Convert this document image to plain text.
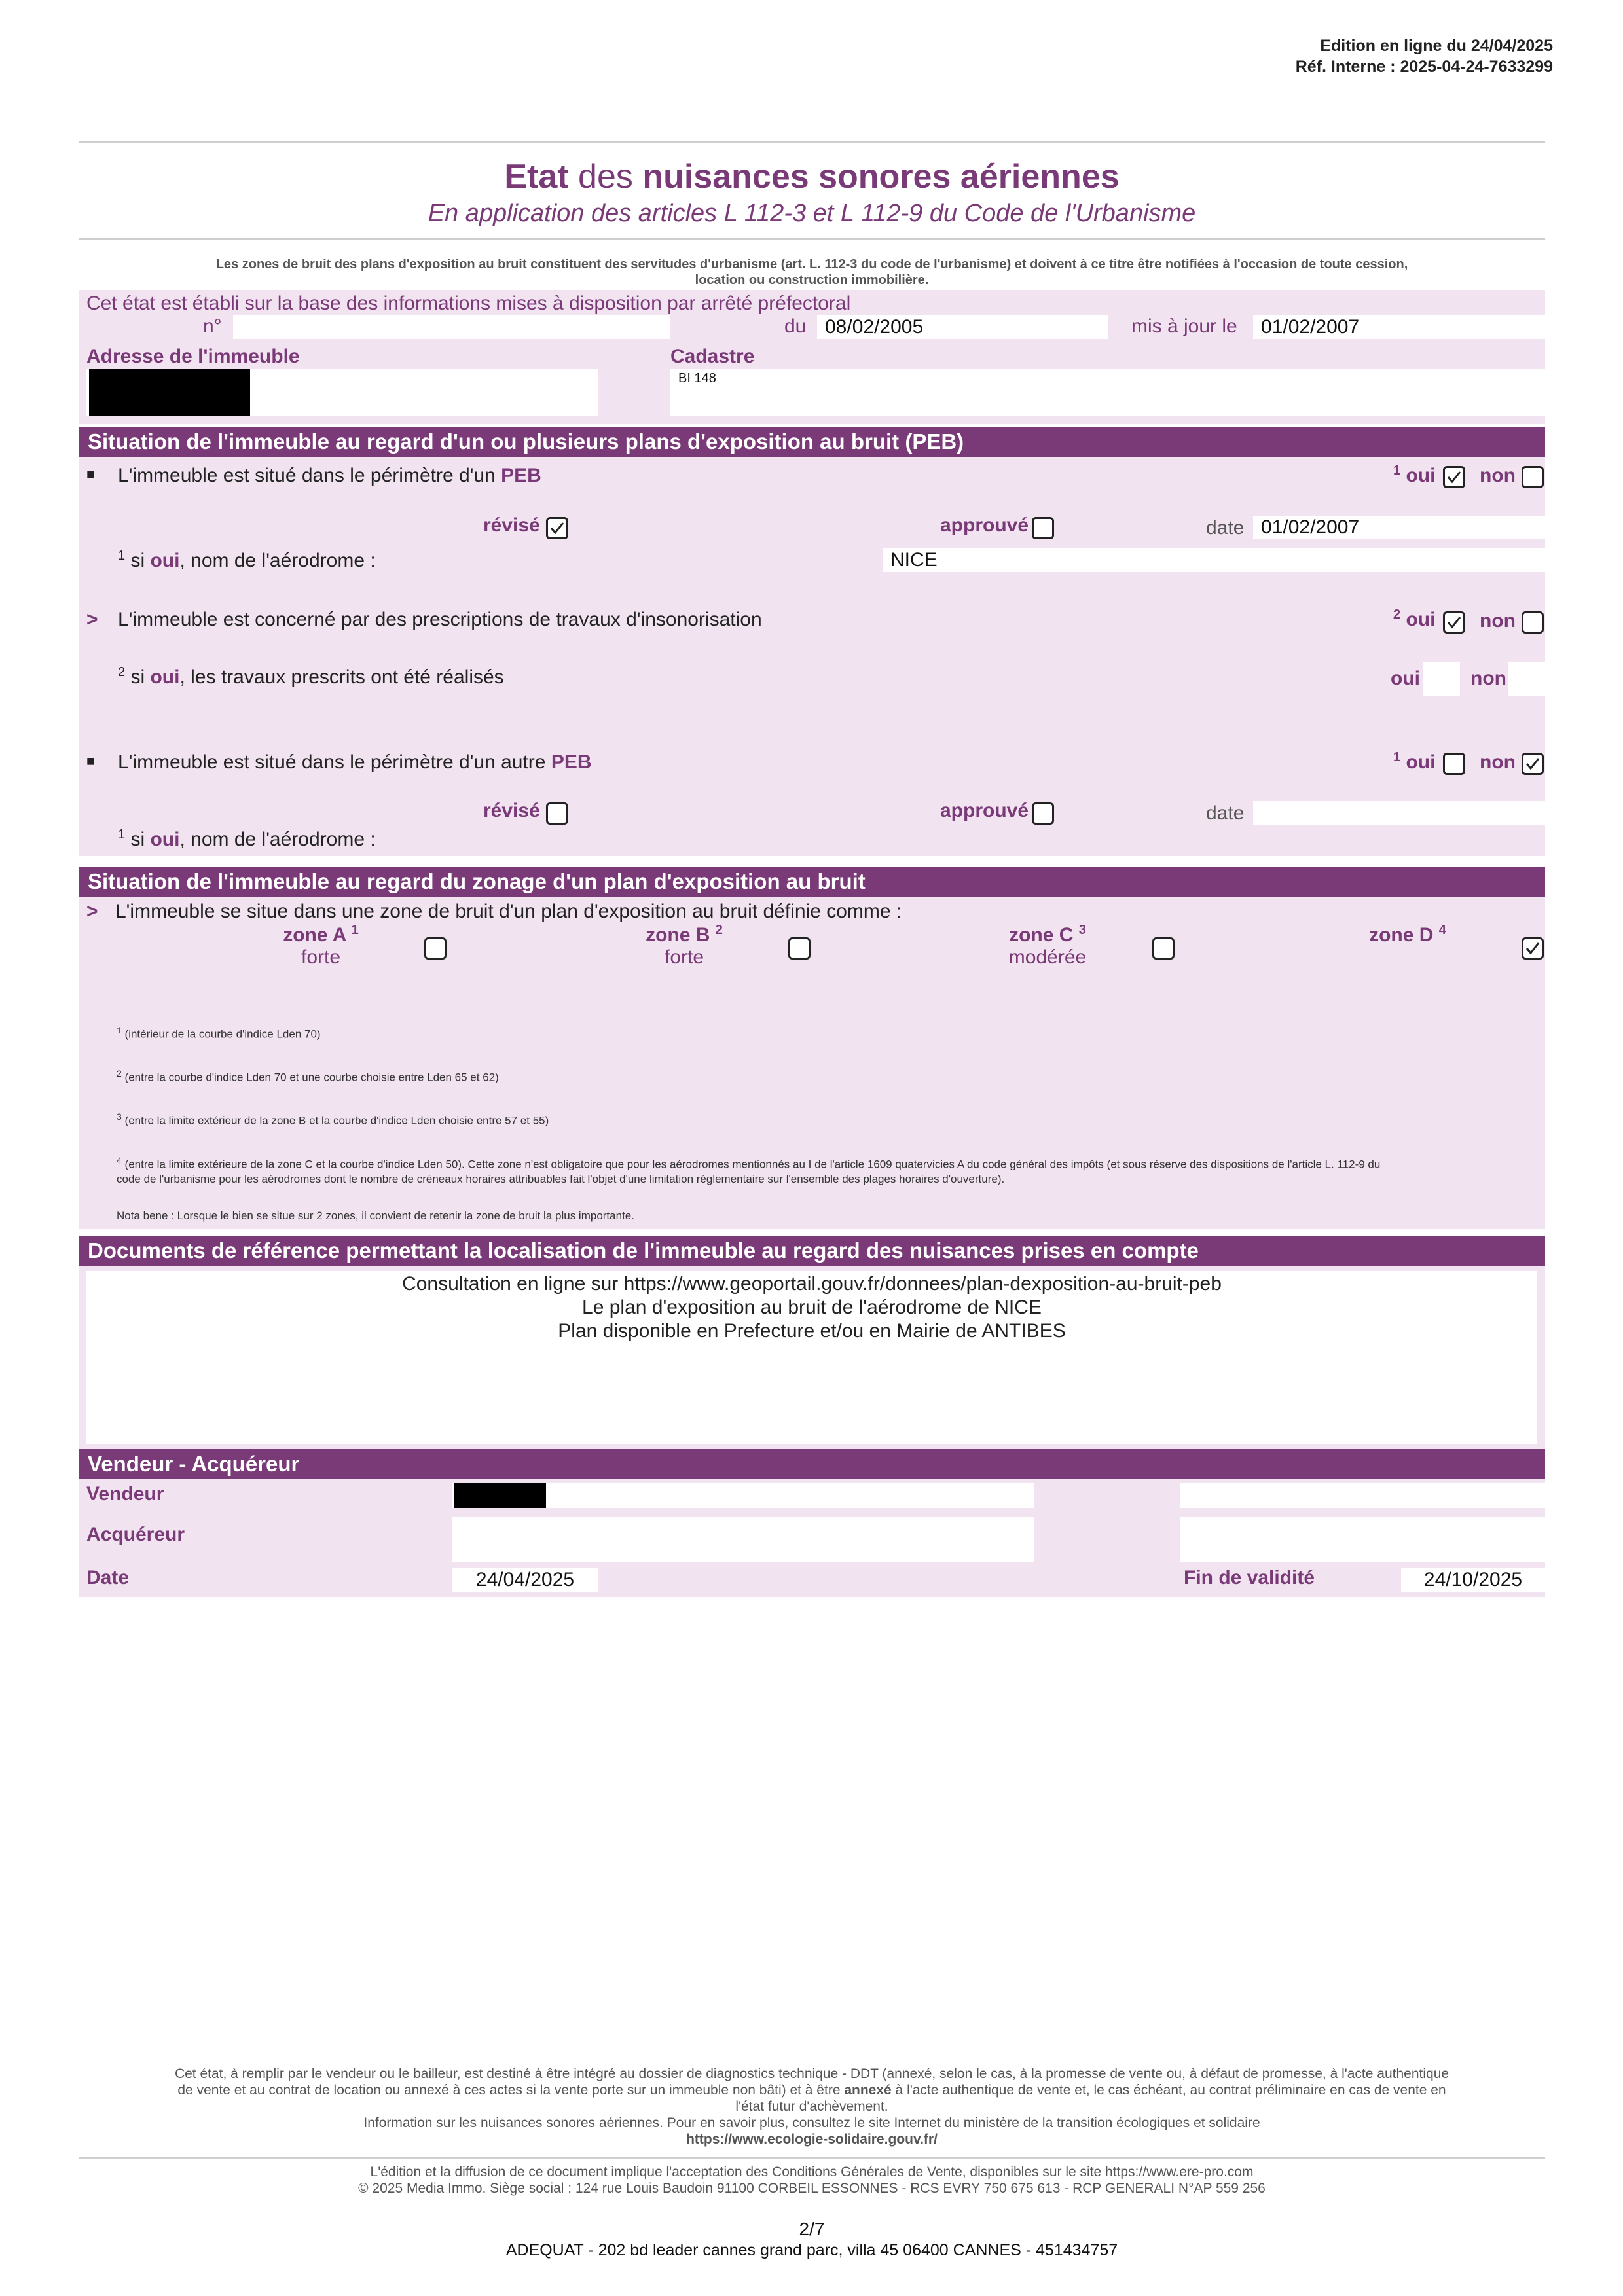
Edition en ligne du 24/04/2025
Réf. Interne : 2025-04-24-7633299
Etat des nuisances sonores aériennes
En application des articles L 112-3 et L 112-9 du Code de l'Urbanisme
Les zones de bruit des plans d'exposition au bruit constituent des servitudes d'urbanisme (art. L. 112-3 du code de l'urbanisme) et doivent à ce titre être notifiées à l'occasion de toute cession,
location ou construction immobilière.
Cet état est établi sur la base des informations mises à disposition par arrêté préfectoral
n°	du 08/02/2005	mis à jour le	01/02/2007
Adresse de l'immeuble	Cadastre
BI 148
Situation de l'immeuble au regard d'un ou plusieurs plans d'exposition au bruit (PEB)
■ L'immeuble est situé dans le périmètre d'un PEB	$^1$ oui non
révisé	approuvé	date 01/02/2007
$^1$ si oui, nom de l'aérodrome :	NICE
> L'immeuble est concerné par des prescriptions de travaux d'insonorisation	$^2$ oui non
$^2$ si oui, les travaux prescrits ont été réalisés	oui	non
■ L'immeuble est situé dans le périmètre d'un autre PEB	$^1$ oui non
révisé	approuvé	date
$^1$ si oui, nom de l'aérodrome :
Situation de l'immeuble au regard du zonage d'un plan d'exposition au bruit
> L'immeuble se situe dans une zone de bruit d'un plan d'exposition au bruit définie comme :
zone A $^1$
forte
zone B $^2$
forte
zone C $^3$
modérée
zone D $^4$
$^1$ (intérieur de la courbe d'indice Lden 70)
$^2$ (entre la courbe d'indice Lden 70 et une courbe choisie entre Lden 65 et 62)
$^3$ (entre la limite extérieur de la zone B et la courbe d'indice Lden choisie entre 57 et 55)
$^4$ (entre la limite extérieure de la zone C et la courbe d'indice Lden 50). Cette zone n'est obligatoire que pour les aérodromes mentionnés au I de l'article 1609 quatervicies A du code général des impôts (et sous réserve des dispositions de l'article L. 112-9 du
code de l'urbanisme pour les aérodromes dont le nombre de créneaux horaires attribuables fait l'objet d'une limitation réglementaire sur l'ensemble des plages horaires d'ouverture).
Nota bene : Lorsque le bien se situe sur 2 zones, il convient de retenir la zone de bruit la plus importante.
Documents de référence permettant la localisation de l'immeuble au regard des nuisances prises en compte
Consultation en ligne sur https://www.geoportail.gouv.fr/donnees/plan-dexposition-au-bruit-peb
Le plan d'exposition au bruit de l'aérodrome de NICE
Plan disponible en Prefecture et/ou en Mairie de ANTIBES
Vendeur - Acquéreur
Vendeur
Acquéreur
Date	24/04/2025	Fin de validité	24/10/2025
Cet état, à remplir par le vendeur ou le bailleur, est destiné à être intégré au dossier de diagnostics technique - DDT (annexé, selon le cas, à la promesse de vente ou, à défaut de promesse, à l'acte authentique
de vente et au contrat de location ou annexé à ces actes si la vente porte sur un immeuble non bâti) et à être annexé à l'acte authentique de vente et, le cas échéant, au contrat préliminaire en cas de vente en
l'état futur d'achèvement.
Information sur les nuisances sonores aériennes. Pour en savoir plus, consultez le site Internet du ministère de la transition écologiques et solidaire
https://www.ecologie-solidaire.gouv.fr/
L'édition et la diffusion de ce document implique l'acceptation des Conditions Générales de Vente, disponibles sur le site https://www.ere-pro.com
© 2025 Media Immo. Siège social : 124 rue Louis Baudoin 91100 CORBEIL ESSONNES - RCS EVRY 750 675 613 - RCP GENERALI N°AP 559 256
2/7
ADEQUAT - 202 bd leader cannes grand parc, villa 45 06400 CANNES - 451434757
